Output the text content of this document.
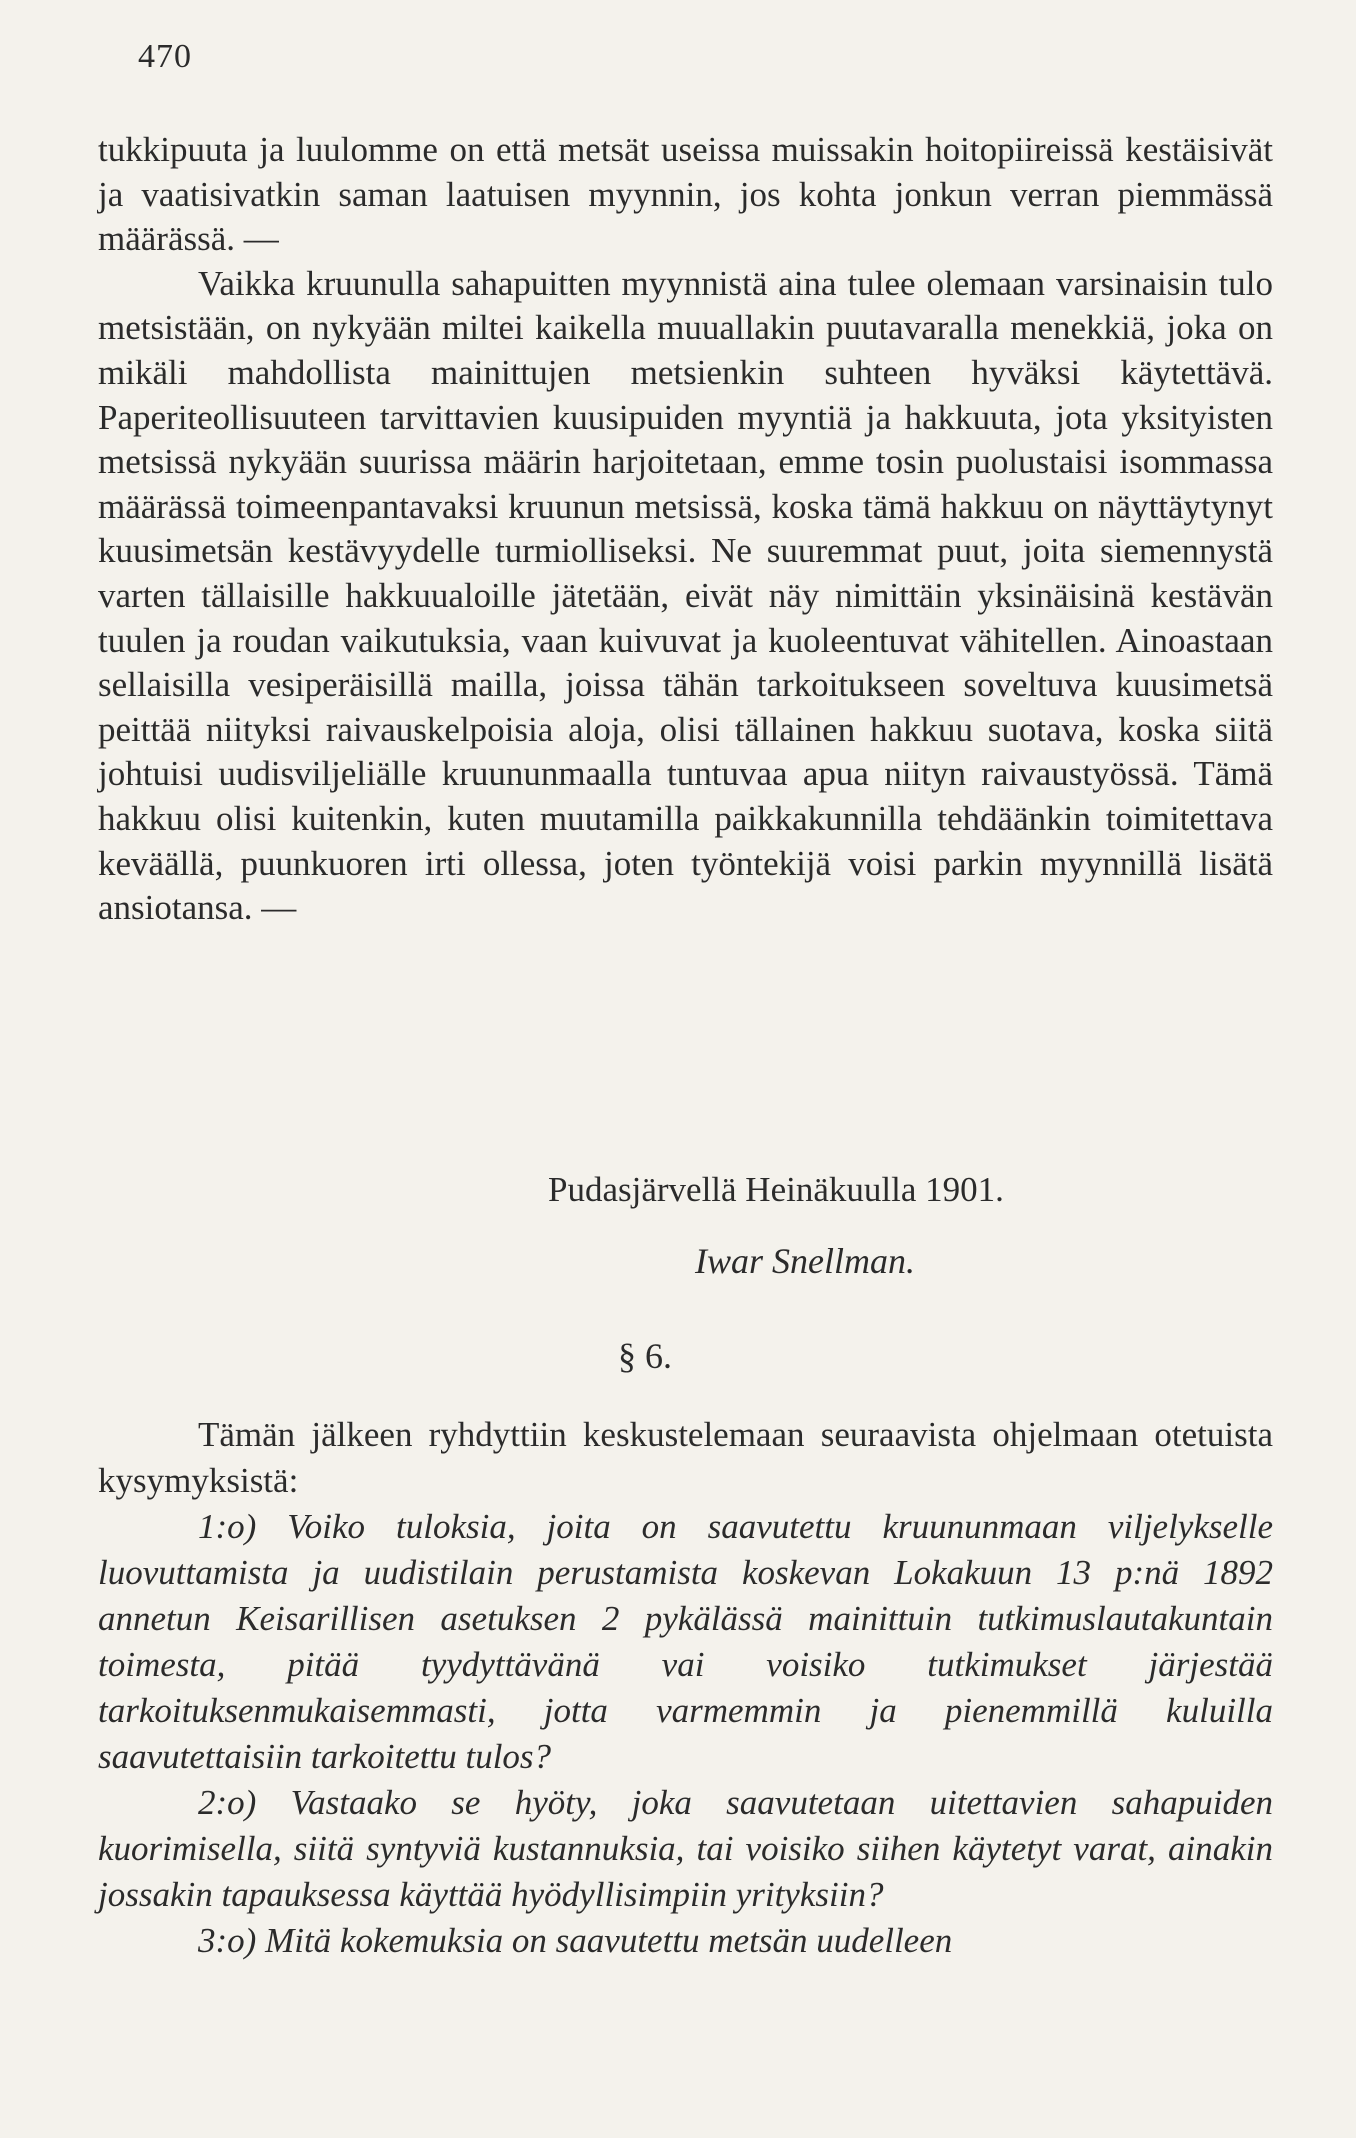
470

tukkipuuta ja luulomme on että metsät useissa muissakin hoitopiireissä kestäisivät ja vaatisivatkin saman laatuisen myynnin, jos kohta jonkun verran piemmässä määrässä. —

Vaikka kruunulla sahapuitten myynnistä aina tulee olemaan varsinaisin tulo metsistään, on nykyään miltei kaikella muuallakin puutavaralla menekkiä, joka on mikäli mahdollista mainittujen metsienkin suhteen hyväksi käytettävä. Paperiteollisuuteen tarvittavien kuusipuiden myyntiä ja hakkuuta, jota yksityisten metsissä nykyään suurissa määrin harjoitetaan, emme tosin puolustaisi isommassa määrässä toimeenpantavaksi kruunun metsissä, koska tämä hakkuu on näyttäytynyt kuusimetsän kestävyydelle turmiolliseksi. Ne suuremmat puut, joita siemennystä varten tällaisille hakkuualoille jätetään, eivät näy nimittäin yksinäisinä kestävän tuulen ja roudan vaikutuksia, vaan kuivuvat ja kuoleentuvat vähitellen. Ainoastaan sellaisilla vesiperäisillä mailla, joissa tähän tarkoitukseen soveltuva kuusimetsä peittää niityksi raivauskelpoisia aloja, olisi tällainen hakkuu suotava, koska siitä johtuisi uudisviljeliälle kruununmaalla tuntuvaa apua niityn raivaustyössä. Tämä hakkuu olisi kuitenkin, kuten muutamilla paikkakunnilla tehdäänkin toimitettava keväällä, puunkuoren irti ollessa, joten työntekijä voisi parkin myynnillä lisätä ansiotansa. —

Pudasjärvellä Heinäkuulla 1901.
Iwar Snellman.
§ 6.

Tämän jälkeen ryhdyttiin keskustelemaan seuraavista ohjelmaan otetuista kysymyksistä:

1:o) Voiko tuloksia, joita on saavutettu kruununmaan viljelykselle luovuttamista ja uudistilain perustamista koskevan Lokakuun 13 p:nä 1892 annetun Keisarillisen asetuksen 2 pykälässä mainittuin tutkimuslautakuntain toimesta, pitää tyydyttävänä vai voisiko tutkimukset järjestää tarkoituksenmukaisemmasti, jotta varmemmin ja pienemmillä kuluilla saavutettaisiin tarkoitettu tulos?

2:o) Vastaako se hyöty, joka saavutetaan uitettavien sahapuiden kuorimisella, siitä syntyviä kustannuksia, tai voisiko siihen käytetyt varat, ainakin jossakin tapauksessa käyttää hyödyllisimpiin yrityksiin?

3:o) Mitä kokemuksia on saavutettu metsän uudelleen
